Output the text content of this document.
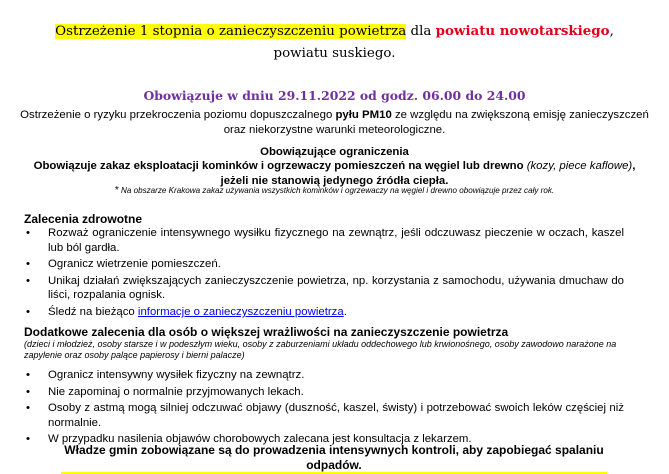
Ostrzeżenie 1 stopnia o zanieczyszczeniu powietrza dla powiatu nowotarskiego,
powiatu suskiego.
Obowiązuje w dniu 29.11.2022 od godz. 06.00 do 24.00
Ostrzeżenie o ryzyku przekroczenia poziomu dopuszczalnego pyłu PM10 ze względu na zwiększoną emisję zanieczyszczeń oraz niekorzystne warunki meteorologiczne.
Obowiązujące ograniczenia
Obowiązuje zakaz eksploatacji kominków i ogrzewaczy pomieszczeń na węgiel lub drewno (kozy, piece kaflowe), jeżeli nie stanowią jedynego źródła ciepła.
* Na obszarze Krakowa zakaz używania wszystkich kominków i ogrzewaczy na węgiel i drewno obowiązuje przez cały rok.
Zalecenia zdrowotne
• Rozważ ograniczenie intensywnego wysiłku fizycznego na zewnątrz, jeśli odczuwasz pieczenie w oczach, kaszel lub ból gardła.
• Ogranicz wietrzenie pomieszczeń.
• Unikaj działań zwiększających zanieczyszczenie powietrza, np. korzystania z samochodu, używania dmuchaw do liści, rozpalania ognisk.
• Śledź na bieżąco informacje o zanieczyszczeniu powietrza.
Dodatkowe zalecenia dla osób o większej wrażliwości na zanieczyszczenie powietrza
(dzieci i młodzież, osoby starsze i w podeszłym wieku, osoby z zaburzeniami układu oddechowego lub krwionośnego, osoby zawodowo narażone na zapylenie oraz osoby palące papierosy i bierni palacze)
• Ogranicz intensywny wysiłek fizyczny na zewnątrz.
• Nie zapominaj o normalnie przyjmowanych lekach.
• Osoby z astmą mogą silniej odczuwać objawy (duszność, kaszel, świsty) i potrzebować swoich leków częściej niż normalnie.
• W przypadku nasilenia objawów chorobowych zalecana jest konsultacja z lekarzem.
Władze gmin zobowiązane są do prowadzenia intensywnych kontroli, aby zapobiegać spalaniu odpadów.
